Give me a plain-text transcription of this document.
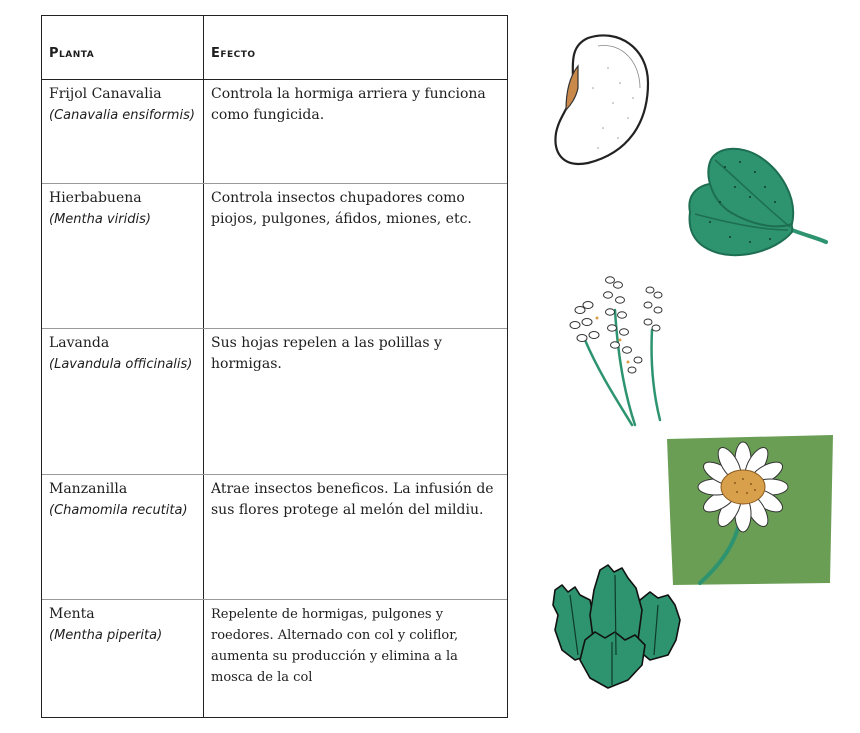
Planta	Efecto
Frijol Canavalia
(Canavalia ensiformis)
Controla la hormiga arriera y funciona como fungicida.
Hierbabuena
(Mentha viridis)
Controla insectos chupadores como piojos, pulgones, áfidos, miones, etc.
Lavanda
(Lavandula officinalis)
Sus hojas repelen a las polillas y hormigas.
Manzanilla
(Chamomila recutita)
Atrae insectos beneficos. La infusión de sus flores protege al melón del mildiu.
Menta
(Mentha piperita)
Repelente de hormigas, pulgones y roedores. Alternado con col y coliflor, aumenta su producción y elimina a la mosca de la col
